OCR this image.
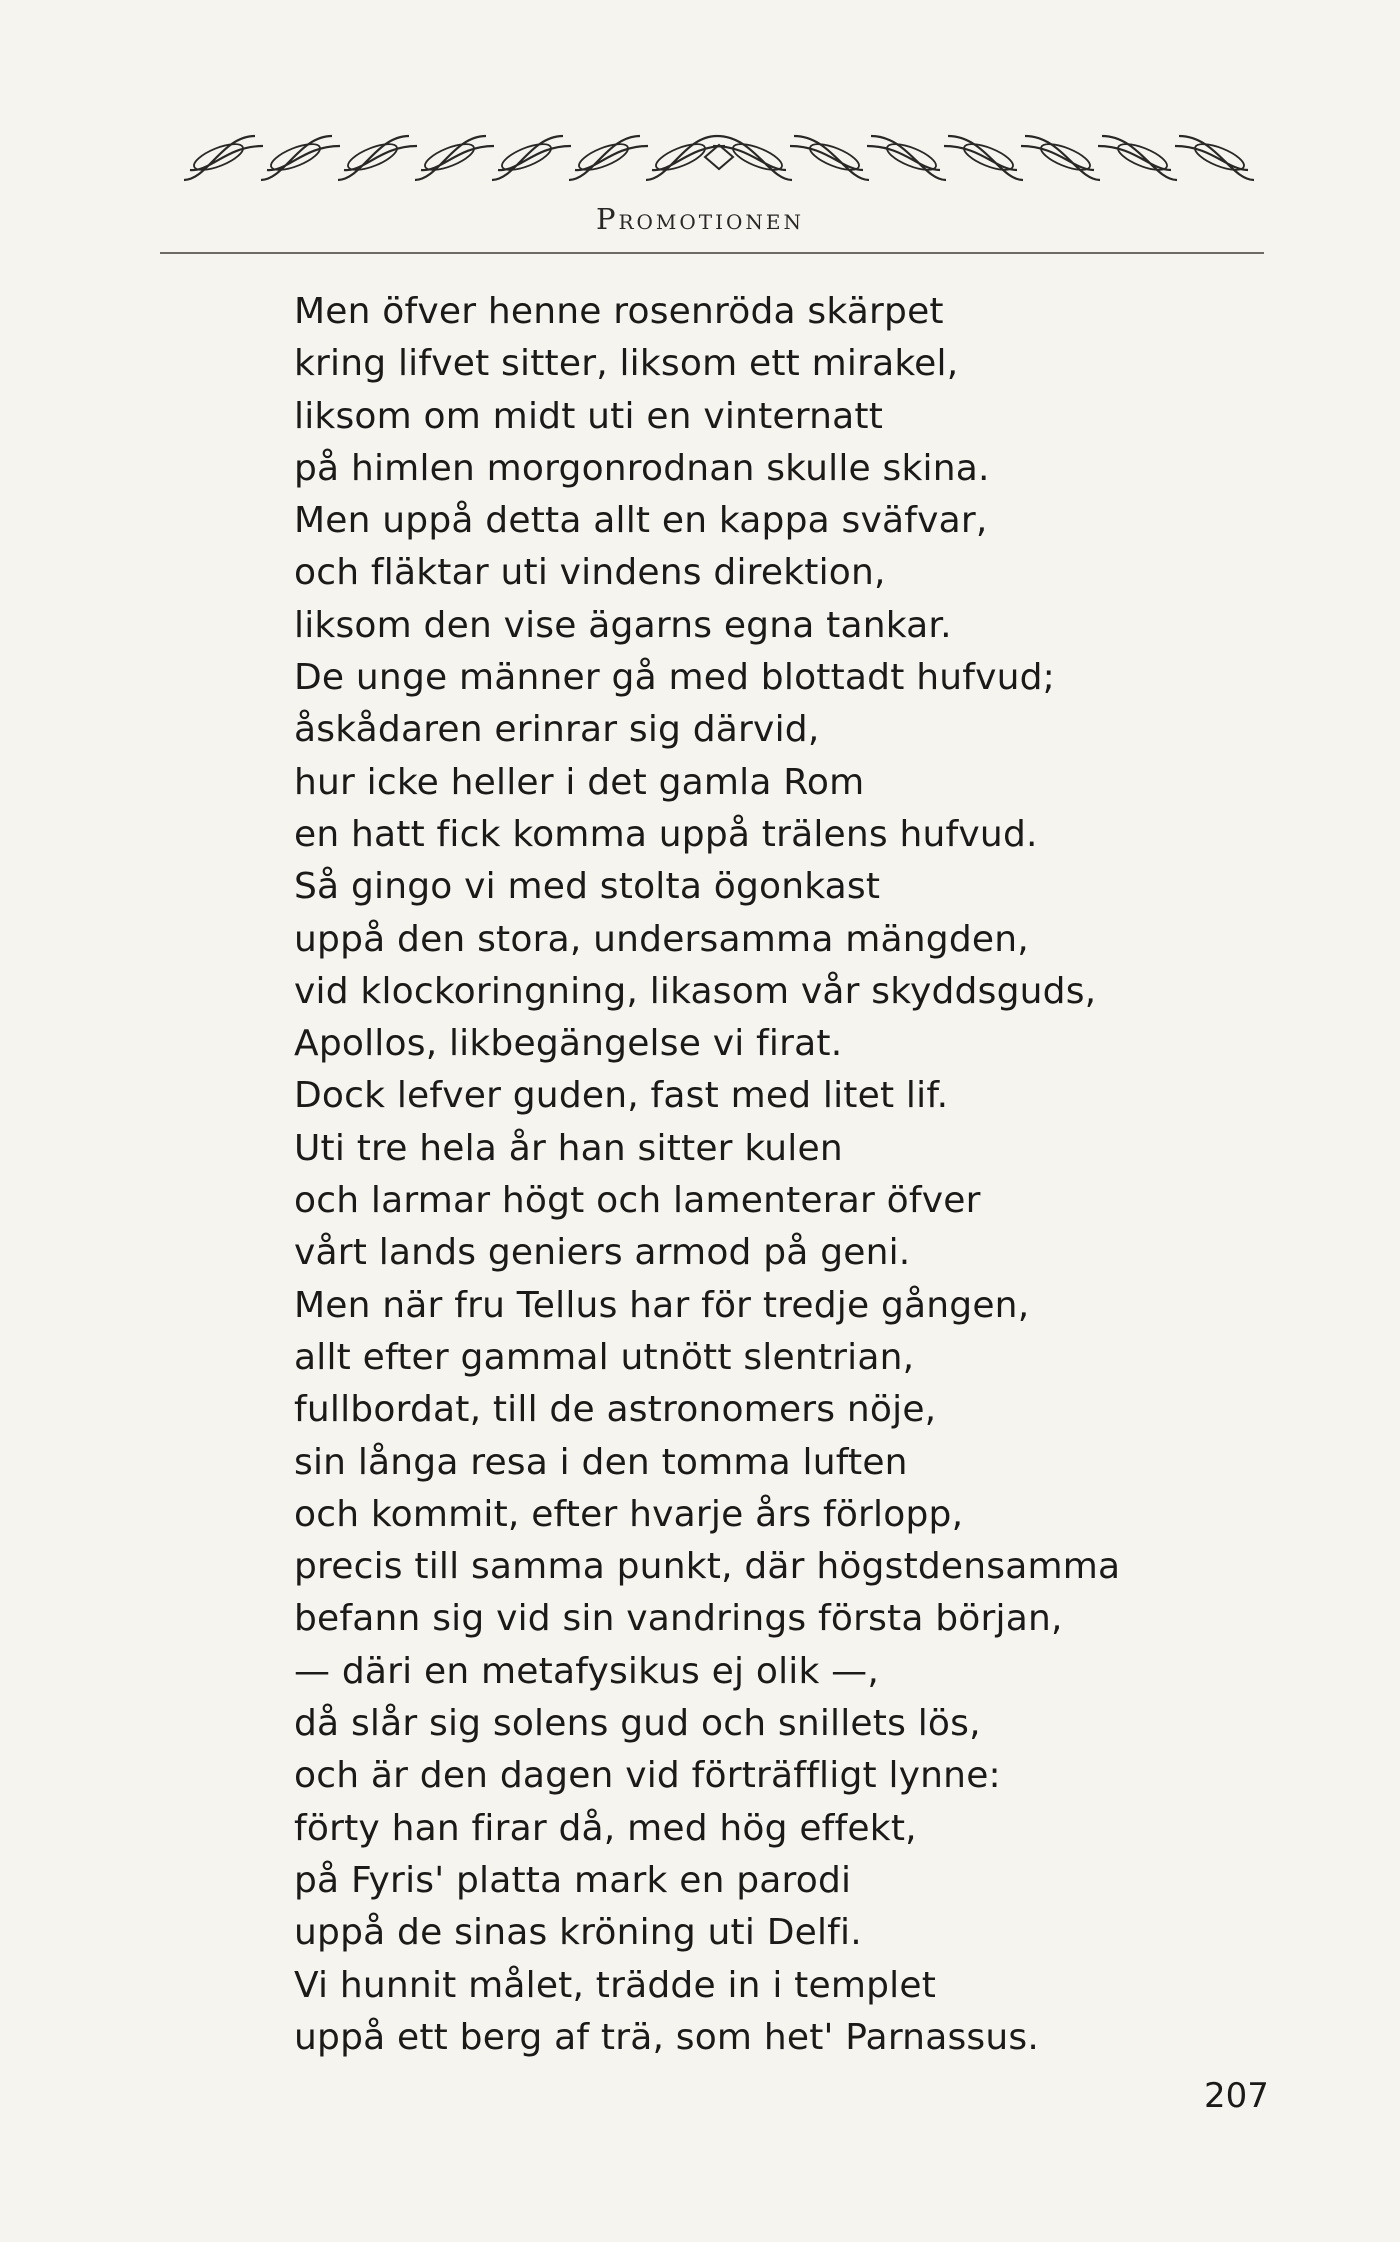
Promotionen
Men öfver henne rosenröda skärpet
kring lifvet sitter, liksom ett mirakel,
liksom om midt uti en vinternatt
på himlen morgonrodnan skulle skina.
Men uppå detta allt en kappa sväfvar,
och fläktar uti vindens direktion,
liksom den vise ägarns egna tankar.
De unge männer gå med blottadt hufvud;
åskådaren erinrar sig därvid,
hur icke heller i det gamla Rom
en hatt fick komma uppå trälens hufvud.
Så gingo vi med stolta ögonkast
uppå den stora, undersamma mängden,
vid klockoringning, likasom vår skyddsguds,
Apollos, likbegängelse vi firat.
Dock lefver guden, fast med litet lif.
Uti tre hela år han sitter kulen
och larmar högt och lamenterar öfver
vårt lands geniers armod på geni.
Men när fru Tellus har för tredje gången,
allt efter gammal utnött slentrian,
fullbordat, till de astronomers nöje,
sin långa resa i den tomma luften
och kommit, efter hvarje års förlopp,
precis till samma punkt, där högstdensamma
befann sig vid sin vandrings första början,
— däri en metafysikus ej olik —,
då slår sig solens gud och snillets lös,
och är den dagen vid förträffligt lynne:
förty han firar då, med hög effekt,
på Fyris' platta mark en parodi
uppå de sinas kröning uti Delfi.
Vi hunnit målet, trädde in i templet
uppå ett berg af trä, som het' Parnassus.
207
